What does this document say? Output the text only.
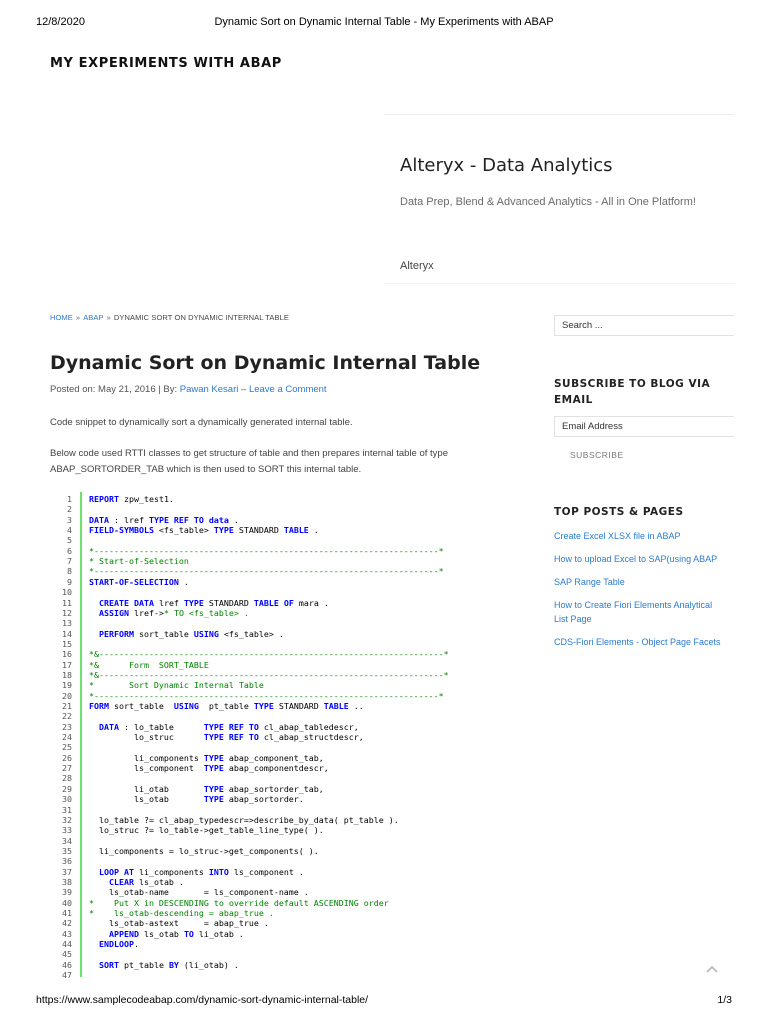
12/8/2020	Dynamic Sort on Dynamic Internal Table - My Experiments with ABAP
MY EXPERIMENTS WITH ABAP
Alteryx - Data Analytics
Data Prep, Blend & Advanced Analytics - All in One Platform!
Alteryx
HOME » ABAP » DYNAMIC SORT ON DYNAMIC INTERNAL TABLE
Dynamic Sort on Dynamic Internal Table
Posted on: May 21, 2016 | By: Pawan Kesari – Leave a Comment

Code snippet to dynamically sort a dynamically generated internal table.

Below code used RTTI classes to get structure of table and then prepares internal table of type ABAP_SORTORDER_TAB which is then used to SORT this internal table.

1 REPORT zpw_test1.
2
3 DATA : lref TYPE REF TO data .
4 FIELD-SYMBOLS <fs_table> TYPE STANDARD TABLE .
5
6 *---------------------------------------------------------------------*
7 * Start-of-Selection
8 *---------------------------------------------------------------------*
9 START-OF-SELECTION .
10
11	CREATE DATA lref TYPE STANDARD TABLE OF mara .
12	ASSIGN lref->* TO <fs_table> .
13
14	PERFORM sort_table USING <fs_table> .
15
16 *&---------------------------------------------------------------------*
17 *&      Form  SORT_TABLE
18 *&---------------------------------------------------------------------*
19 *       Sort Dynamic Internal Table
20 *---------------------------------------------------------------------*
21 FORM sort_table  USING  pt_table TYPE STANDARD TABLE ..
22
23	DATA : lo_table      TYPE REF TO cl_abap_tabledescr,
24 lo_struc      TYPE REF TO cl_abap_structdescr,
25
26 li_components TYPE abap_component_tab,
27 ls_component  TYPE abap_componentdescr,
28
29 li_otab       TYPE abap_sortorder_tab,
30 ls_otab       TYPE abap_sortorder.
31
32 lo_table ?= cl_abap_typedescr=>describe_by_data( pt_table ).
33 lo_struc ?= lo_table->get_table_line_type( ).
34
35 li_components = lo_struc->get_components( ).
36
37	LOOP AT li_components INTO ls_component .
38	CLEAR ls_otab .
39 ls_otab-name       = ls_component-name .
40 *    Put X in DESCENDING to override default ASCENDING order
41 *    ls_otab-descending = abap_true .
42 ls_otab-astext     = abap_true .
43	APPEND ls_otab TO li_otab .
44	ENDLOOP.
45
46	SORT pt_table BY (li_otab) .
47
Search ...
SUBSCRIBE TO BLOG VIA EMAIL
Email Address
SUBSCRIBE
TOP POSTS & PAGES
Create Excel XLSX file in ABAP
How to upload Excel to SAP(using ABAP
SAP Range Table
How to Create Fiori Elements Analytical
List Page
CDS-Fiori Elements - Object Page Facets
https://www.samplecodeabap.com/dynamic-sort-dynamic-internal-table/	1/3
